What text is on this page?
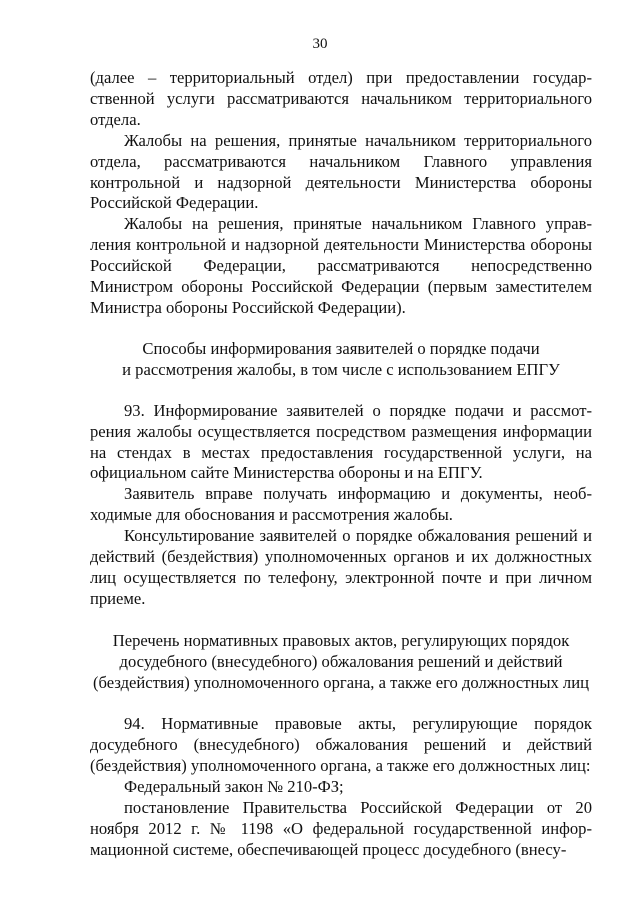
30

(далее – территориальный отдел) при предоставлении государственной услуги рассматриваются начальником территориального отдела.

Жалобы на решения, принятые начальником территориального отдела, рассматриваются начальником Главного управления контрольной и надзорной деятельности Министерства обороны Российской Федерации.

Жалобы на решения, принятые начальником Главного управления контрольной и надзорной деятельности Министерства обороны Российской Федерации, рассматриваются непосредственно Министром обороны Российской Федерации (первым заместителем Министра обороны Российской Федерации).

Способы информирования заявителей о порядке подачи
и рассмотрения жалобы, в том числе с использованием ЕПГУ

93. Информирование заявителей о порядке подачи и рассмотрения жалобы осуществляется посредством размещения информации на стендах в местах предоставления государственной услуги, на официальном сайте Министерства обороны и на ЕПГУ.

Заявитель вправе получать информацию и документы, необходимые для обоснования и рассмотрения жалобы.

Консультирование заявителей о порядке обжалования решений и действий (бездействия) уполномоченных органов и их должностных лиц осуществляется по телефону, электронной почте и при личном приеме.

Перечень нормативных правовых актов, регулирующих порядок
досудебного (внесудебного) обжалования решений и действий
(бездействия) уполномоченного органа, а также его должностных лиц

94. Нормативные правовые акты, регулирующие порядок досудебного (внесудебного) обжалования решений и действий (бездействия) уполномоченного органа, а также его должностных лиц:

Федеральный закон № 210-ФЗ;

постановление Правительства Российской Федерации от 20 ноября 2012 г. № 1198 «О федеральной государственной информационной системе, обеспечивающей процесс досудебного (внесу-
